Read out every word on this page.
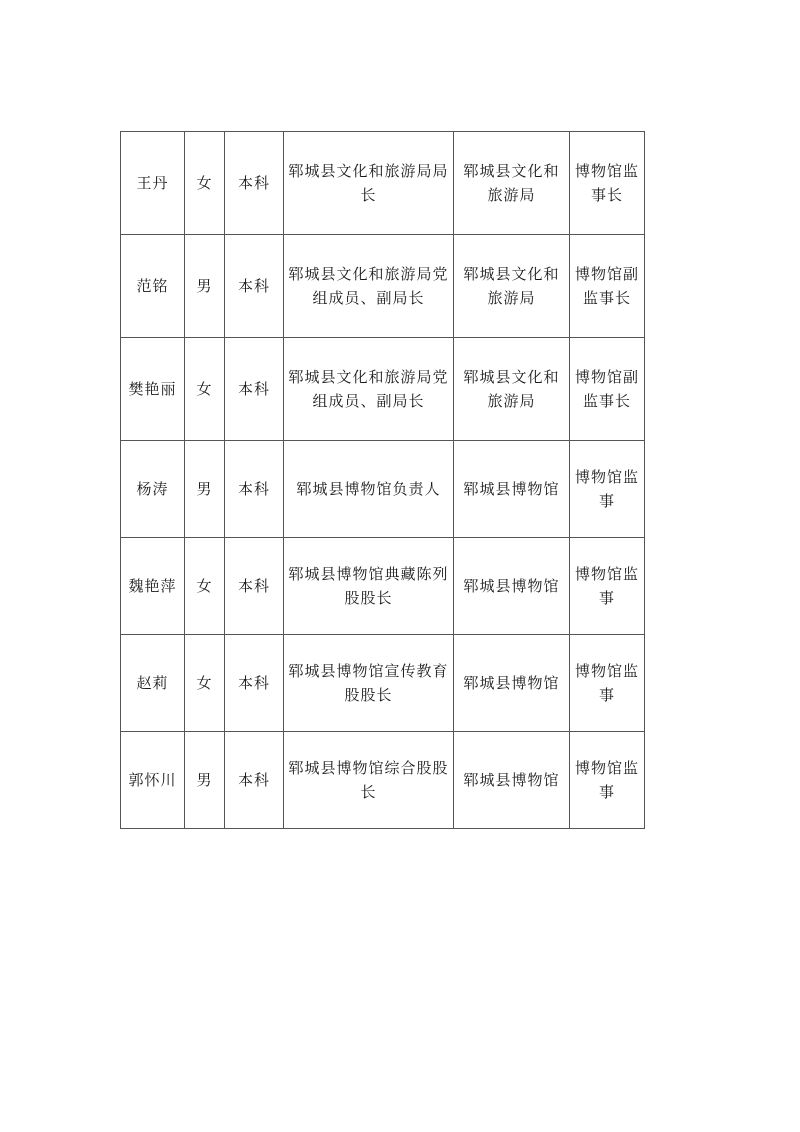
王丹	女	本科	郓城县文化和旅游局局长	郓城县文化和旅游局	博物馆监事长
范铭	男	本科	郓城县文化和旅游局党组成员、副局长	郓城县文化和旅游局	博物馆副监事长
樊艳丽	女	本科	郓城县文化和旅游局党组成员、副局长	郓城县文化和旅游局	博物馆副监事长
杨涛	男	本科	郓城县博物馆负责人	郓城县博物馆	博物馆监事
魏艳萍	女	本科	郓城县博物馆典藏陈列股股长	郓城县博物馆	博物馆监事
赵莉	女	本科	郓城县博物馆宣传教育股股长	郓城县博物馆	博物馆监事
郭怀川	男	本科	郓城县博物馆综合股股长	郓城县博物馆	博物馆监事
